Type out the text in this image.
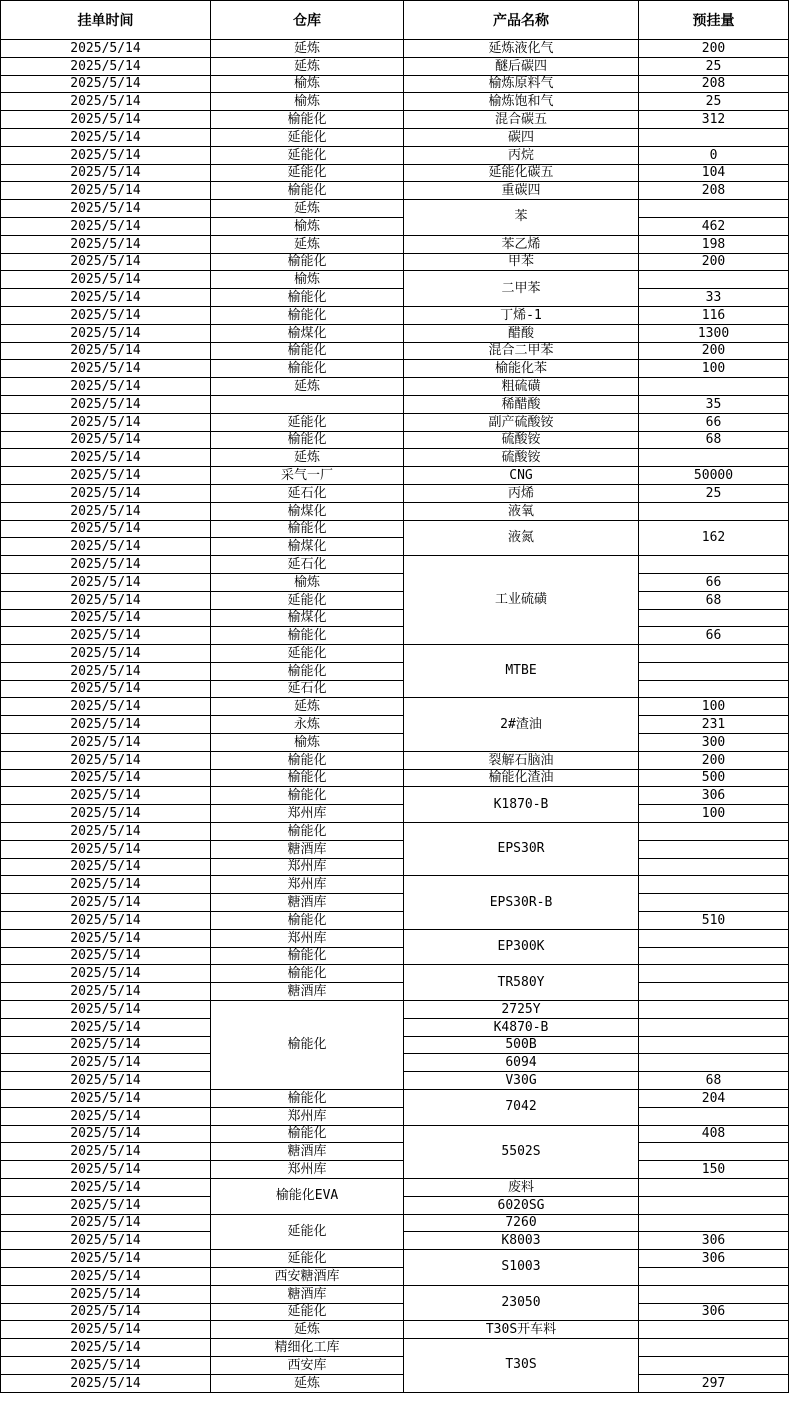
挂单时间	仓库	产品名称	预挂量
2025/5/14	延炼	延炼液化气	200
2025/5/14	延炼	醚后碳四	25
2025/5/14	榆炼	榆炼原料气	208
2025/5/14	榆炼	榆炼饱和气	25
2025/5/14	榆能化	混合碳五	312
2025/5/14	延能化	碳四	
2025/5/14	延能化	丙烷	0
2025/5/14	延能化	延能化碳五	104
2025/5/14	榆能化	重碳四	208
2025/5/14	延炼	苯	
2025/5/14	榆炼		462
2025/5/14	延炼	苯乙烯	198
2025/5/14	榆能化	甲苯	200
2025/5/14	榆炼	二甲苯	
2025/5/14	榆能化		33
2025/5/14	榆能化	丁烯-1	116
2025/5/14	榆煤化	醋酸	1300
2025/5/14	榆能化	混合二甲苯	200
2025/5/14	榆能化	榆能化苯	100
2025/5/14	延炼	粗硫磺	
2025/5/14		稀醋酸	35
2025/5/14	延能化	副产硫酸铵	66
2025/5/14	榆能化	硫酸铵	68
2025/5/14	延炼	硫酸铵	
2025/5/14	采气一厂	CNG	50000
2025/5/14	延石化	丙烯	25
2025/5/14	榆煤化	液氧	
2025/5/14	榆能化	液氮	162
2025/5/14	榆煤化		
2025/5/14	延石化	工业硫磺	
2025/5/14	榆炼		66
2025/5/14	延能化		68
2025/5/14	榆煤化		
2025/5/14	榆能化		66
2025/5/14	延能化	MTBE	
2025/5/14	榆能化		
2025/5/14	延石化		
2025/5/14	延炼	2#渣油	100
2025/5/14	永炼		231
2025/5/14	榆炼		300
2025/5/14	榆能化	裂解石脑油	200
2025/5/14	榆能化	榆能化渣油	500
2025/5/14	榆能化	K1870-B	306
2025/5/14	郑州库		100
2025/5/14	榆能化	EPS30R	
2025/5/14	糖酒库		
2025/5/14	郑州库		
2025/5/14	郑州库	EPS30R-B	
2025/5/14	糖酒库		
2025/5/14	榆能化		510
2025/5/14	郑州库	EP300K	
2025/5/14	榆能化		
2025/5/14	榆能化	TR580Y	
2025/5/14	糖酒库		
2025/5/14	榆能化	2725Y	
2025/5/14		K4870-B	
2025/5/14		500B	
2025/5/14		6094	
2025/5/14		V30G	68
2025/5/14	榆能化	7042	204
2025/5/14	郑州库		
2025/5/14	榆能化	5502S	408
2025/5/14	糖酒库		
2025/5/14	郑州库		150
2025/5/14	榆能化EVA	废料	
2025/5/14		6020SG	
2025/5/14	延能化	7260	
2025/5/14		K8003	306
2025/5/14	延能化	S1003	306
2025/5/14	西安糖酒库		
2025/5/14	糖酒库	23050	
2025/5/14	延能化		306
2025/5/14	延炼	T30S开车料	
2025/5/14	精细化工库	T30S	
2025/5/14	西安库		
2025/5/14	延炼		297
